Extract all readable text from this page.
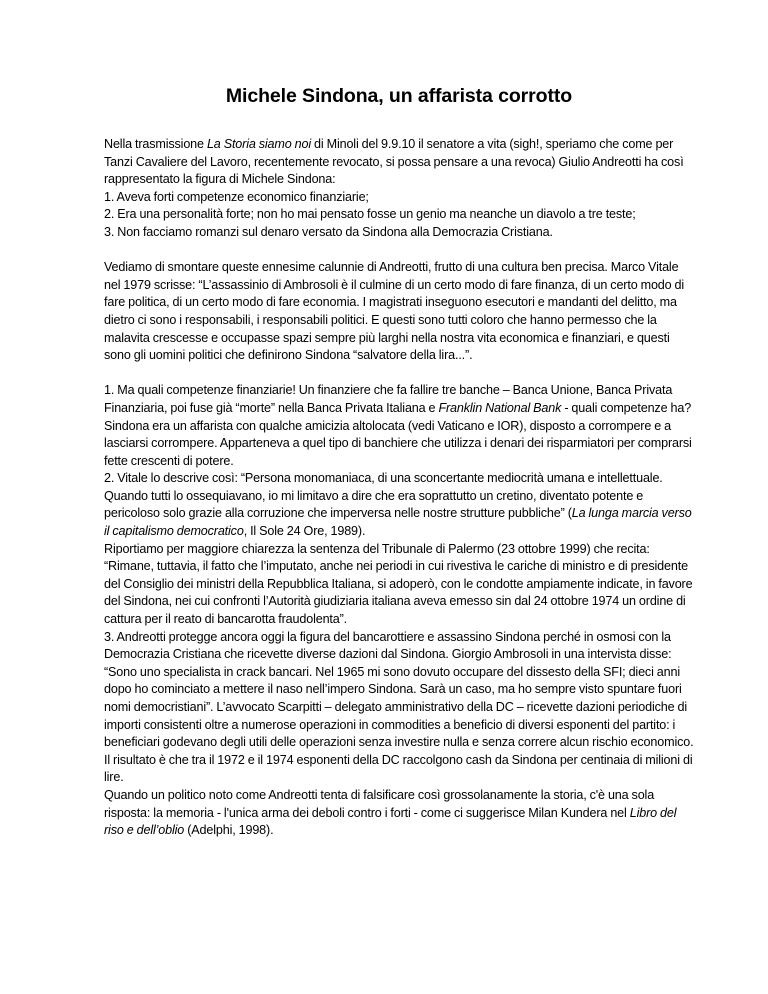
Michele Sindona, un affarista corrotto

Nella trasmissione La Storia siamo noi di Minoli del 9.9.10 il senatore a vita (sigh!, speriamo che come per Tanzi Cavaliere del Lavoro, recentemente revocato, si possa pensare a una revoca) Giulio Andreotti ha così rappresentato la figura di Michele Sindona:
1. Aveva forti competenze economico finanziarie;
2. Era una personalità forte; non ho mai pensato fosse un genio ma neanche un diavolo a tre teste;
3. Non facciamo romanzi sul denaro versato da Sindona alla Democrazia Cristiana.

Vediamo di smontare queste ennesime calunnie di Andreotti, frutto di una cultura ben precisa. Marco Vitale nel 1979 scrisse: “L’assassinio di Ambrosoli è il culmine di un certo modo di fare finanza, di un certo modo di fare politica, di un certo modo di fare economia. I magistrati inseguono esecutori e mandanti del delitto, ma dietro ci sono i responsabili, i responsabili politici. E questi sono tutti coloro che hanno permesso che la malavita crescesse e occupasse spazi sempre più larghi nella nostra vita economica e finanziari, e questi sono gli uomini politici che definirono Sindona “salvatore della lira...”.

1. Ma quali competenze finanziarie! Un finanziere che fa fallire tre banche – Banca Unione, Banca Privata Finanziaria, poi fuse già “morte” nella Banca Privata Italiana e Franklin National Bank - quali competenze ha? Sindona era un affarista con qualche amicizia altolocata (vedi Vaticano e IOR), disposto a corrompere e a lasciarsi corrompere. Apparteneva a quel tipo di banchiere che utilizza i denari dei risparmiatori per comprarsi fette crescenti di potere.

2. Vitale lo descrive così: “Persona monomaniaca, di una sconcertante mediocrità umana e intellettuale. Quando tutti lo ossequiavano, io mi limitavo a dire che era soprattutto un cretino, diventato potente e pericoloso solo grazie alla corruzione che imperversa nelle nostre strutture pubbliche” (La lunga marcia verso il capitalismo democratico, Il Sole 24 Ore, 1989).

Riportiamo per maggiore chiarezza la sentenza del Tribunale di Palermo (23 ottobre 1999) che recita: “Rimane, tuttavia, il fatto che l’imputato, anche nei periodi in cui rivestiva le cariche di ministro e di presidente del Consiglio dei ministri della Repubblica Italiana, si adoperò, con le condotte ampiamente indicate, in favore del Sindona, nei cui confronti l’Autorità giudiziaria italiana aveva emesso sin dal 24 ottobre 1974 un ordine di cattura per il reato di bancarotta fraudolenta”.

3. Andreotti protegge ancora oggi la figura del bancarottiere e assassino Sindona perché in osmosi con la Democrazia Cristiana che ricevette diverse dazioni dal Sindona. Giorgio Ambrosoli in una intervista disse: “Sono uno specialista in crack bancari. Nel 1965 mi sono dovuto occupare del dissesto della SFI; dieci anni dopo ho cominciato a mettere il naso nell’impero Sindona. Sarà un caso, ma ho sempre visto spuntare fuori nomi democristiani”. L’avvocato Scarpitti – delegato amministrativo della DC – ricevette dazioni periodiche di importi consistenti oltre a numerose operazioni in commodities a beneficio di diversi esponenti del partito: i beneficiari godevano degli utili delle operazioni senza investire nulla e senza correre alcun rischio economico. Il risultato è che tra il 1972 e il 1974 esponenti della DC raccolgono cash da Sindona per centinaia di milioni di lire.

Quando un politico noto come Andreotti tenta di falsificare così grossolanamente la storia, c'è una sola risposta: la memoria - l'unica arma dei deboli contro i forti - come ci suggerisce Milan Kundera nel Libro del riso e dell’oblio (Adelphi, 1998).
